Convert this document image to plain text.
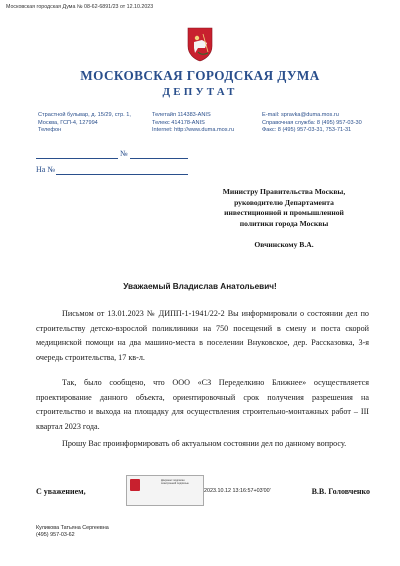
Московская городская Дума № 08-62-6891/23 от 12.10.2023
МОСКОВСКАЯ ГОРОДСКАЯ ДУМА
ДЕПУТАТ
Страстной бульвар, д. 15/29, стр. 1,
Москва, ГСП-4, 127994
Телефон
Телетайп 114383-ANIS
Телекс 414178-ANIS
Internet: http://www.duma.mos.ru
E-mail: spravka@duma.mos.ru
Справочная служба: 8 (495) 957-03-30
Факс: 8 (495) 957-03-31, 753-71-31
№
На №
Министру Правительства Москвы,
руководителю Департамента
инвестиционной и промышленной
политики города Москвы
Овчинскому В.А.
Уважаемый Владислав Анатольевич!

Письмом от 13.01.2023 № ДИПП-1-1941/22-2 Вы информировали о состоянии дел по строительству детско-взрослой поликлиники на 750 посещений в смену и поста скорой медицинской помощи на два машино-места в поселении Внуковское, дер. Рассказовка, 3-я очередь строительства, 17 кв-л.

Так, было сообщено, что ООО «СЗ Переделкино Ближнее» осуществляется проектирование данного объекта, ориентировочный срок получения разрешения на строительство и выхода на площадку для осуществления строительно-монтажных работ – III квартал 2023 года.

Прошу Вас проинформировать об актуальном состоянии дел по данному вопросу.

С уважением,
Документ подписан
электронной подписью
2023.10.12 13:16:57+03'00'	В.В. Головченко
Куликова Татьяна Сергеевна
(495) 957-03-62
